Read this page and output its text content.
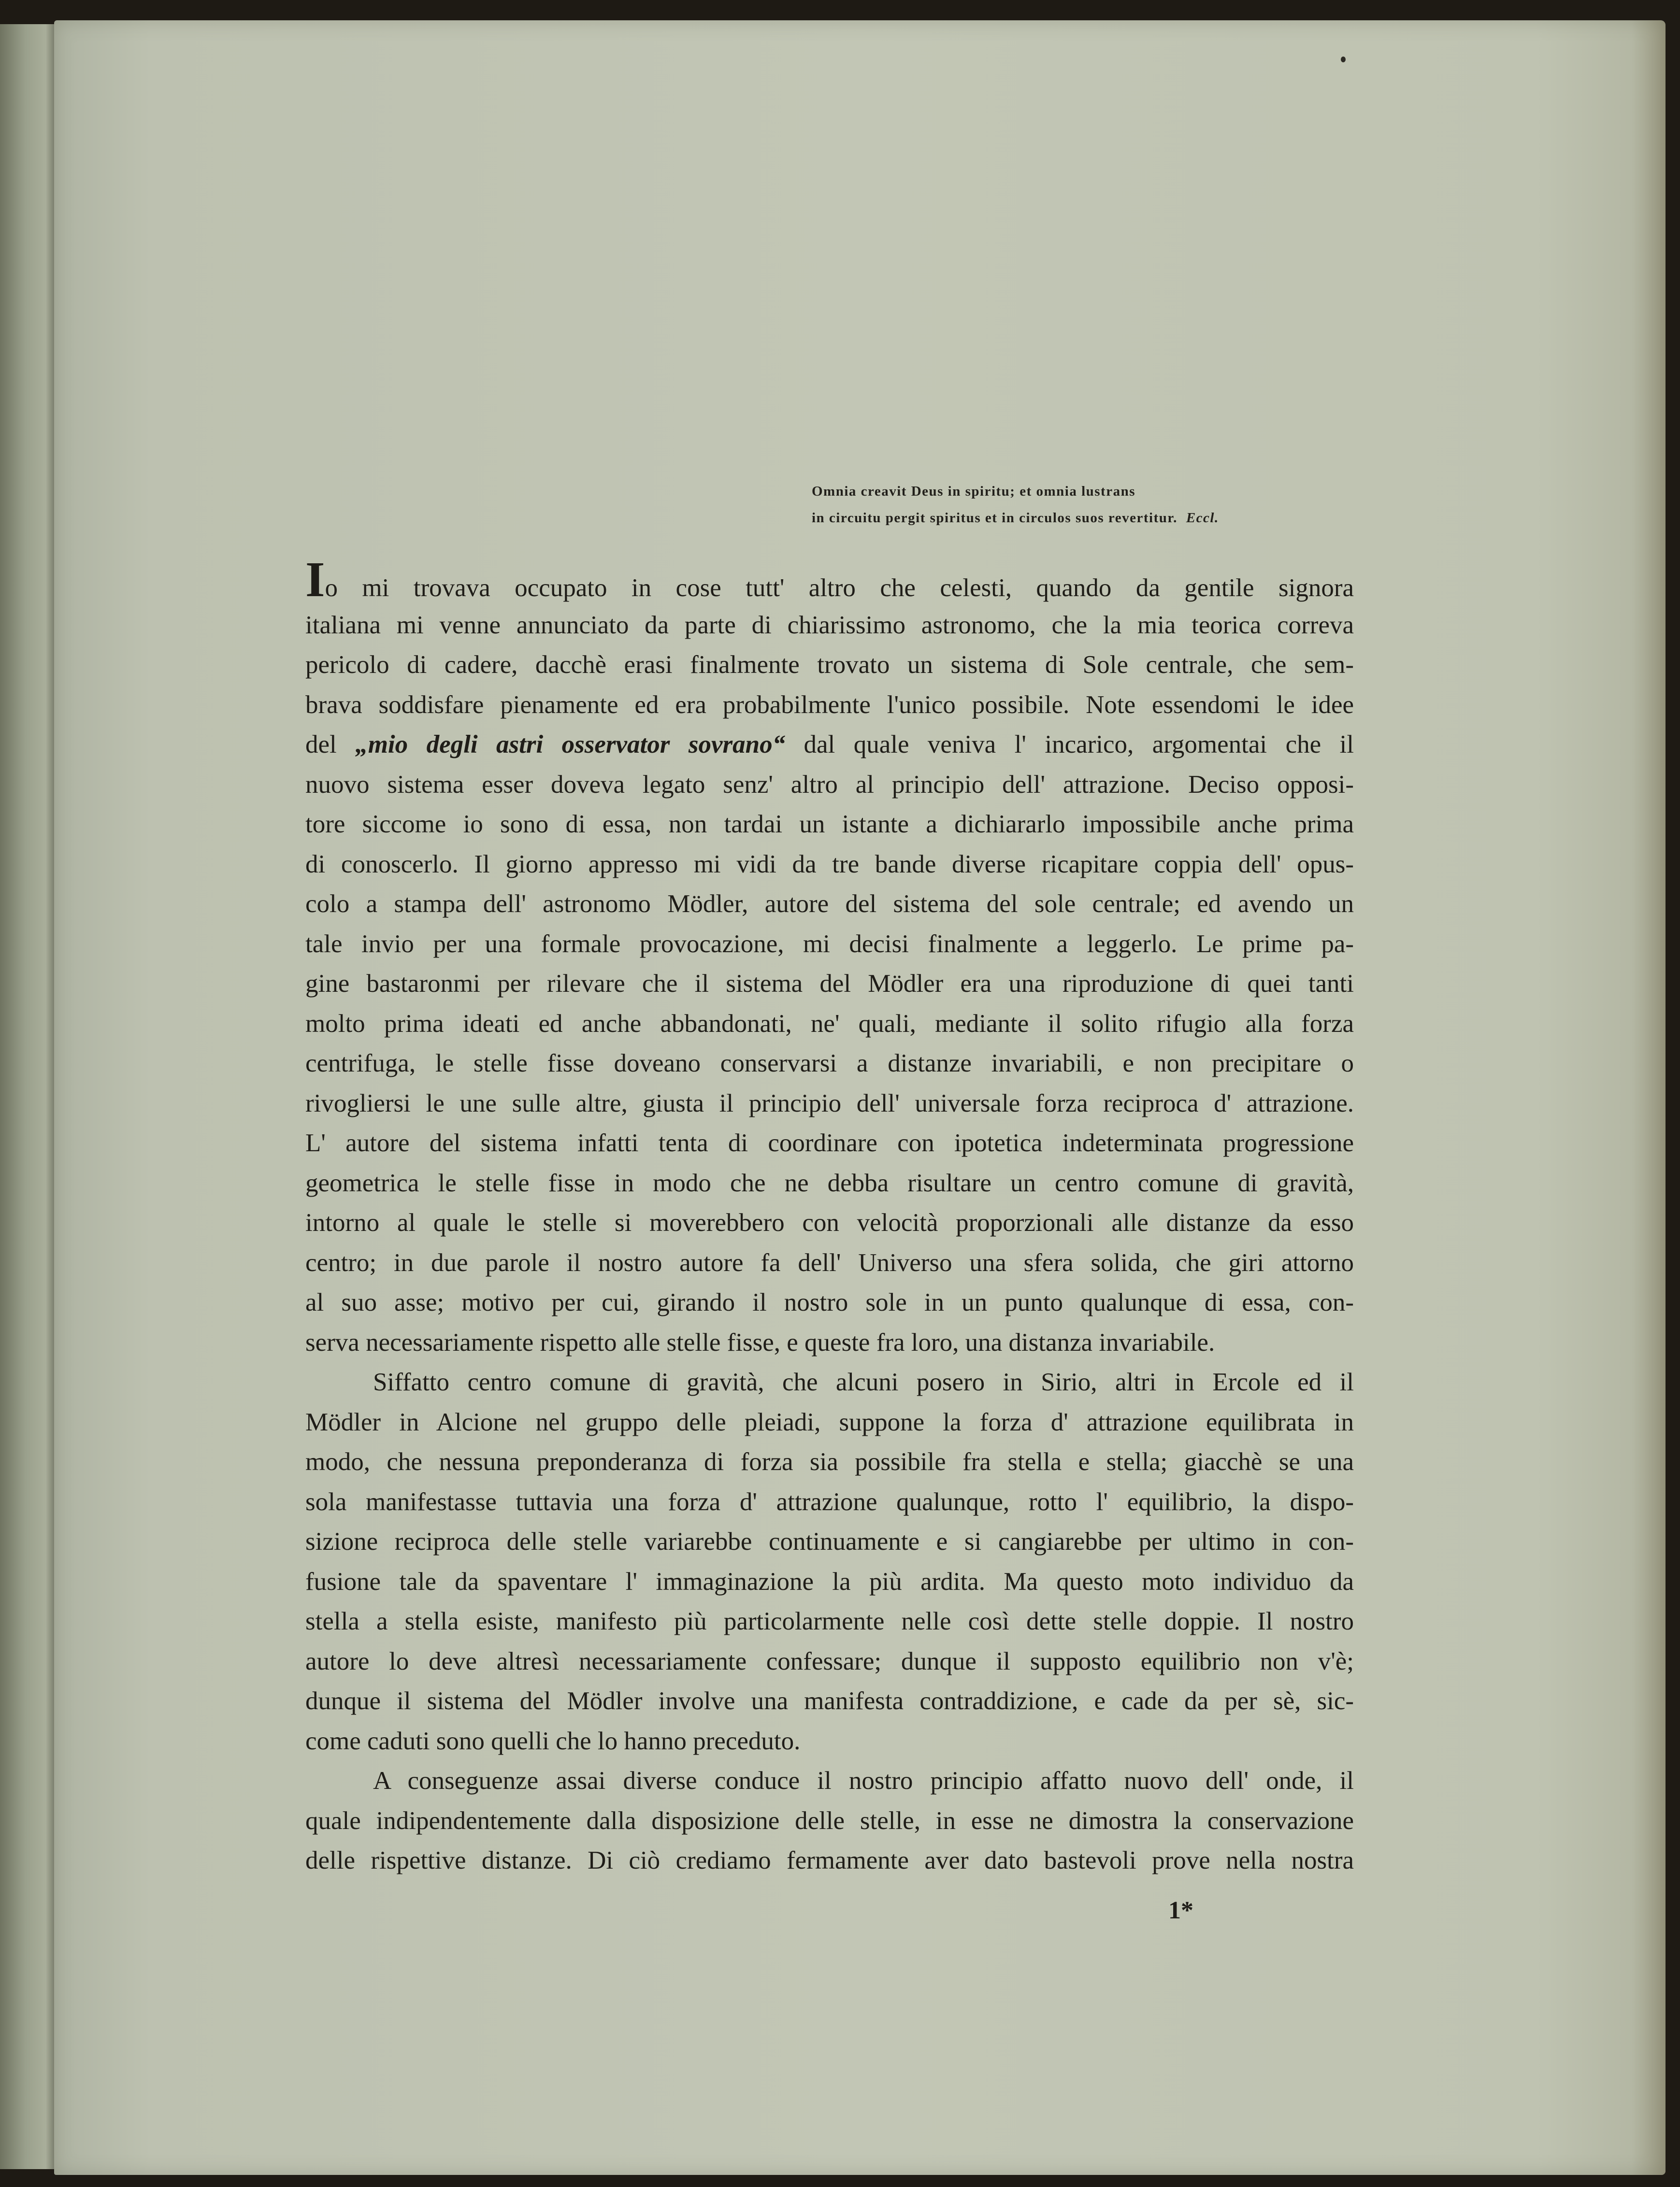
Omnia creavit Deus in spiritu; et omnia lustrans
in circuitu pergit spiritus et in circulos suos revertitur. Eccl.
Io mi trovava occupato in cose tutt' altro che celesti, quando da gentile signora
italiana mi venne annunciato da parte di chiarissimo astronomo, che la mia teorica correva
pericolo di cadere, dacchè erasi finalmente trovato un sistema di Sole centrale, che sem-
brava soddisfare pienamente ed era probabilmente l'unico possibile. Note essendomi le idee
del „mio degli astri osservator sovrano“ dal quale veniva l' incarico, argomentai che il
nuovo sistema esser doveva legato senz' altro al principio dell' attrazione. Deciso opposi-
tore siccome io sono di essa, non tardai un istante a dichiararlo impossibile anche prima
di conoscerlo. Il giorno appresso mi vidi da tre bande diverse ricapitare coppia dell' opus-
colo a stampa dell' astronomo Mödler, autore del sistema del sole centrale; ed avendo un
tale invio per una formale provocazione, mi decisi finalmente a leggerlo. Le prime pa-
gine bastaronmi per rilevare che il sistema del Mödler era una riproduzione di quei tanti
molto prima ideati ed anche abbandonati, ne' quali, mediante il solito rifugio alla forza
centrifuga, le stelle fisse doveano conservarsi a distanze invariabili, e non precipitare o
rivogliersi le une sulle altre, giusta il principio dell' universale forza reciproca d' attrazione.
L' autore del sistema infatti tenta di coordinare con ipotetica indeterminata progressione
geometrica le stelle fisse in modo che ne debba risultare un centro comune di gravità,
intorno al quale le stelle si moverebbero con velocità proporzionali alle distanze da esso
centro; in due parole il nostro autore fa dell' Universo una sfera solida, che giri attorno
al suo asse; motivo per cui, girando il nostro sole in un punto qualunque di essa, con-
serva necessariamente rispetto alle stelle fisse, e queste fra loro, una distanza invariabile.
Siffatto centro comune di gravità, che alcuni posero in Sirio, altri in Ercole ed il
Mödler in Alcione nel gruppo delle pleiadi, suppone la forza d' attrazione equilibrata in
modo, che nessuna preponderanza di forza sia possibile fra stella e stella; giacchè se una
sola manifestasse tuttavia una forza d' attrazione qualunque, rotto l' equilibrio, la dispo-
sizione reciproca delle stelle variarebbe continuamente e si cangiarebbe per ultimo in con-
fusione tale da spaventare l' immaginazione la più ardita. Ma questo moto individuo da
stella a stella esiste, manifesto più particolarmente nelle così dette stelle doppie. Il nostro
autore lo deve altresì necessariamente confessare; dunque il supposto equilibrio non v'è;
dunque il sistema del Mödler involve una manifesta contraddizione, e cade da per sè, sic-
come caduti sono quelli che lo hanno preceduto.
A conseguenze assai diverse conduce il nostro principio affatto nuovo dell' onde, il
quale indipendentemente dalla disposizione delle stelle, in esse ne dimostra la conservazione
delle rispettive distanze. Di ciò crediamo fermamente aver dato bastevoli prove nella nostra
1*
